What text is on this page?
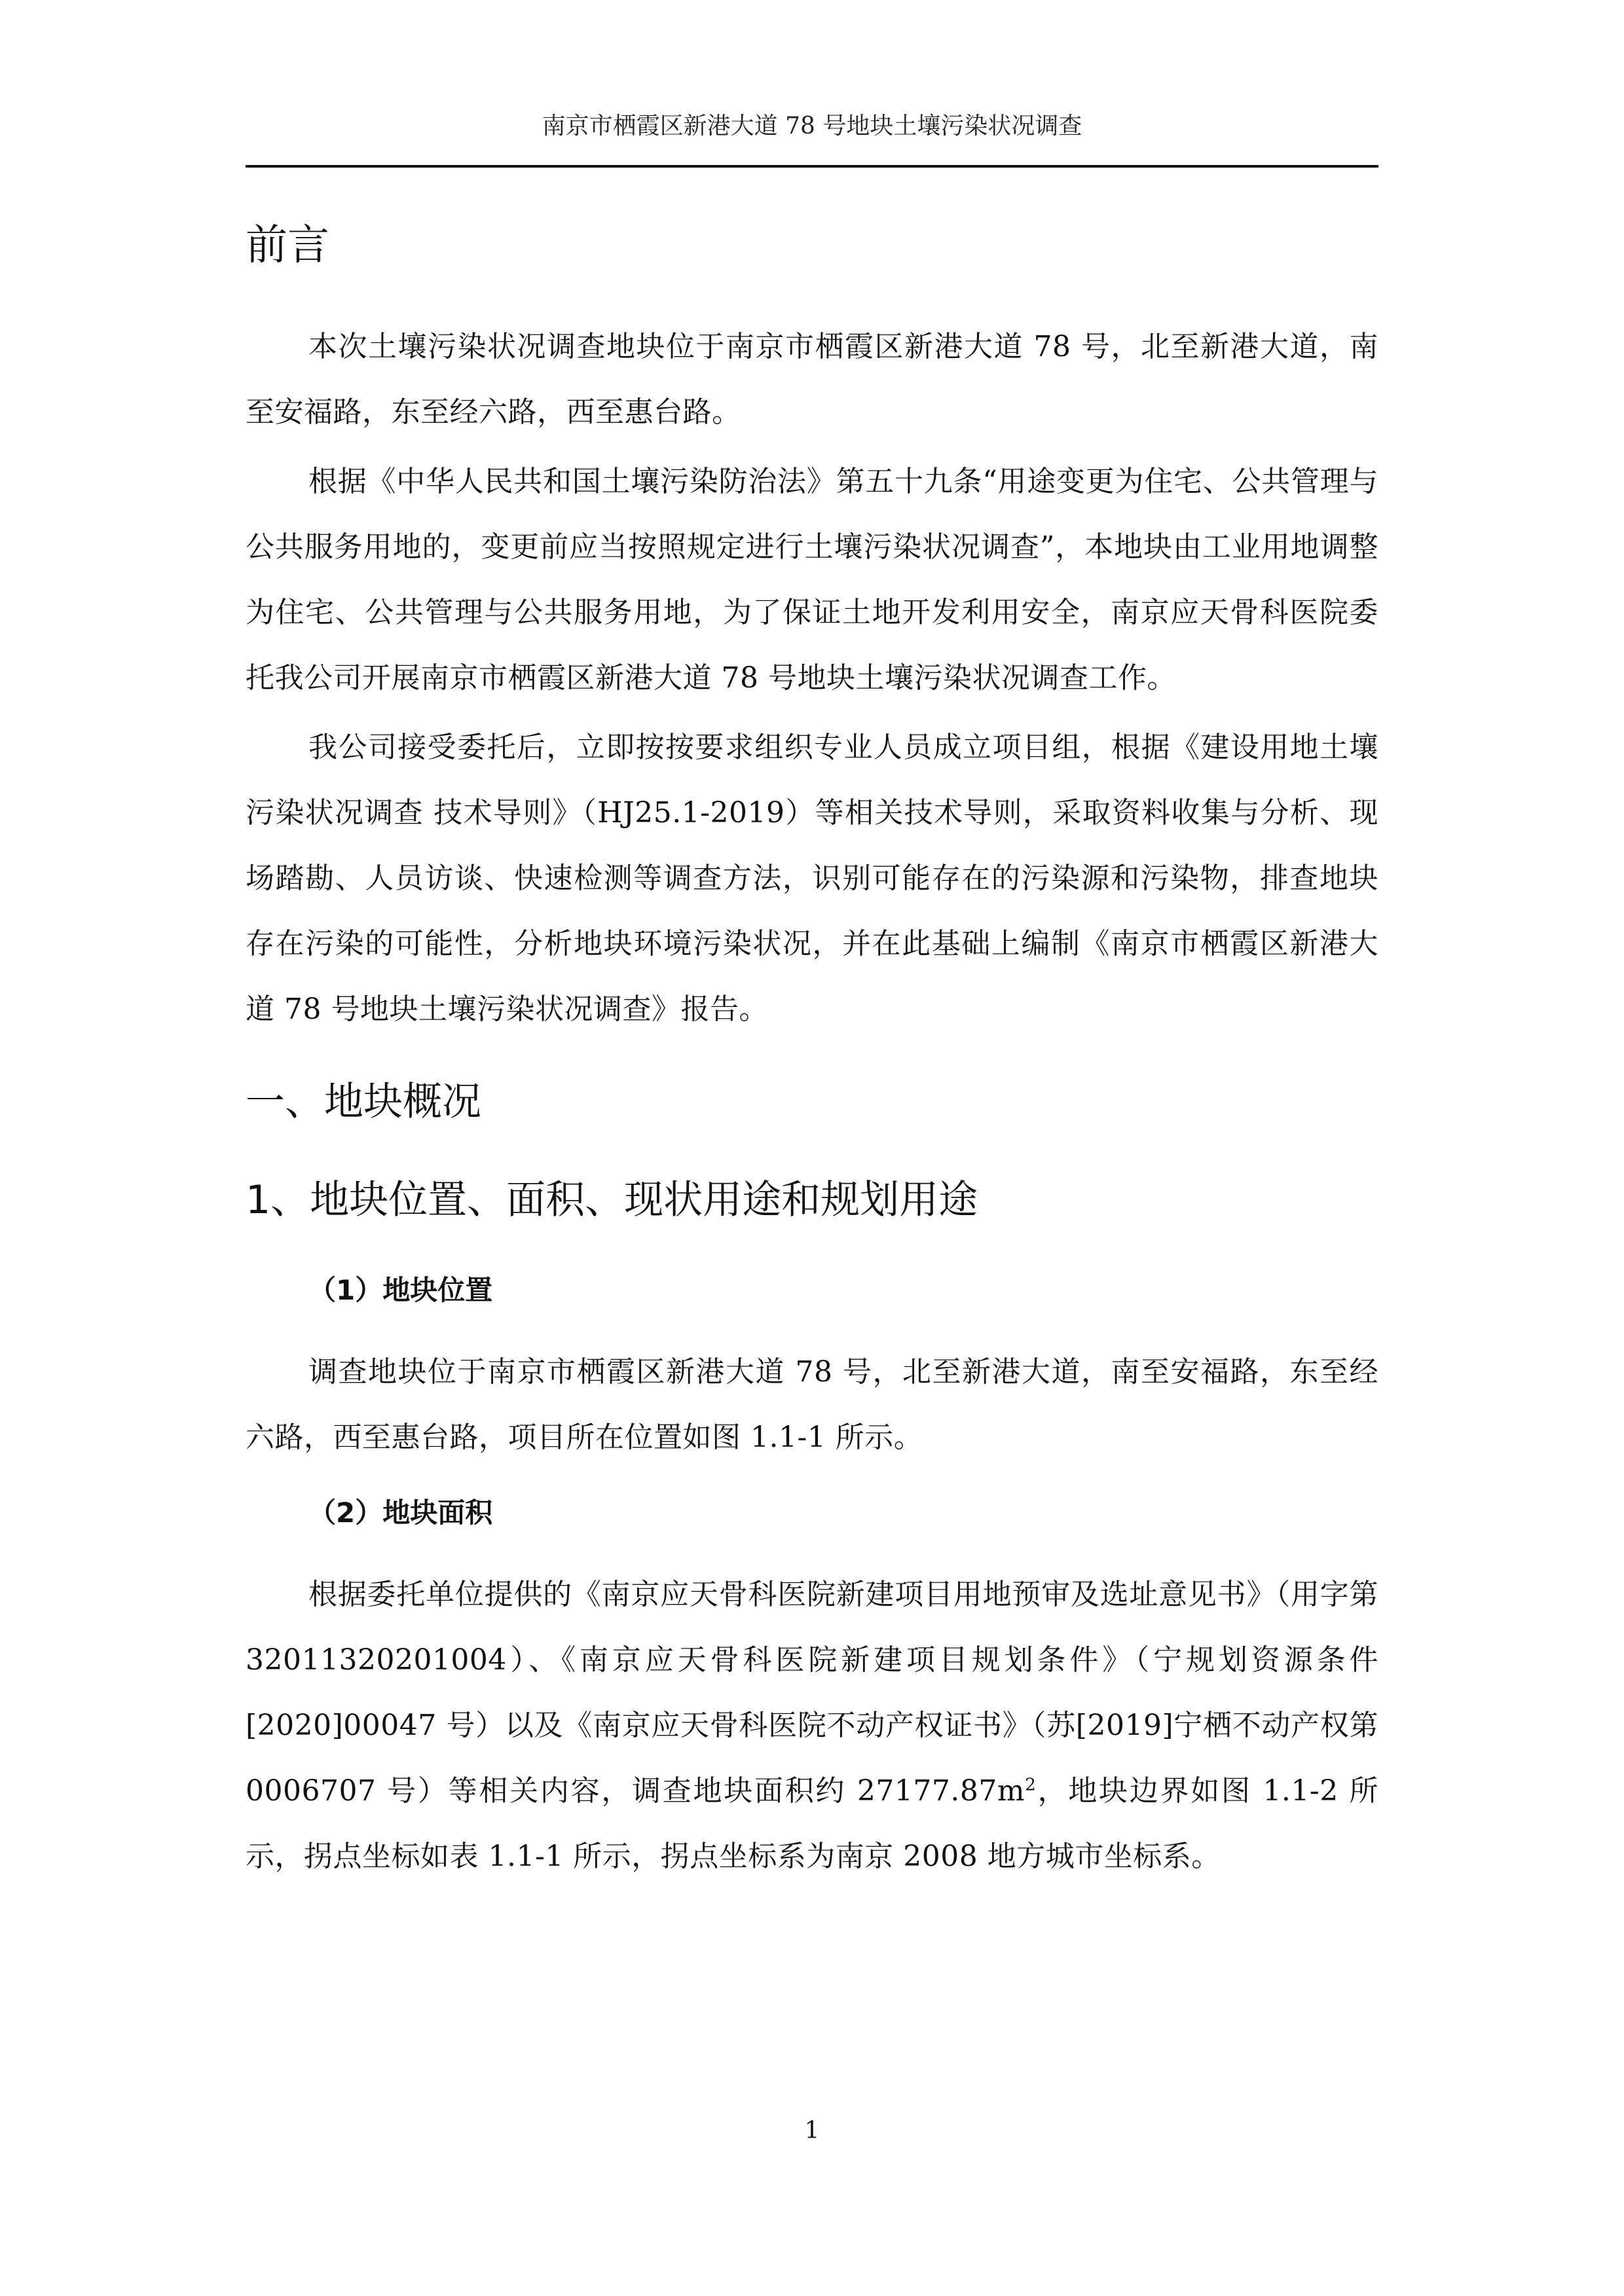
南京市栖霞区新港大道 78 号地块土壤污染状况调查
前言

本次土壤污染状况调查地块位于南京市栖霞区新港大道 78 号，北至新港大道，南至安福路，东至经六路，西至惠台路。

根据《中华人民共和国土壤污染防治法》第五十九条“用途变更为住宅、公共管理与公共服务用地的，变更前应当按照规定进行土壤污染状况调查”，本地块由工业用地调整为住宅、公共管理与公共服务用地，为了保证土地开发利用安全，南京应天骨科医院委托我公司开展南京市栖霞区新港大道 78 号地块土壤污染状况调查工作。

我公司接受委托后，立即按按要求组织专业人员成立项目组，根据《建设用地土壤污染状况调查 技术导则》（HJ25.1-2019）等相关技术导则，采取资料收集与分析、现场踏勘、人员访谈、快速检测等调查方法，识别可能存在的污染源和污染物，排查地块存在污染的可能性，分析地块环境污染状况，并在此基础上编制《南京市栖霞区新港大道 78 号地块土壤污染状况调查》报告。

一、地块概况
1、地块位置、面积、现状用途和规划用途
（1）地块位置

调查地块位于南京市栖霞区新港大道 78 号，北至新港大道，南至安福路，东至经六路，西至惠台路，项目所在位置如图 1.1-1 所示。

（2）地块面积

根据委托单位提供的《南京应天骨科医院新建项目用地预审及选址意见书》（用字第 32011320201004）、《南京应天骨科医院新建项目规划条件》（宁规划资源条件[2020]00047 号）以及《南京应天骨科医院不动产权证书》（苏[2019]宁栖不动产权第 0006707 号）等相关内容，调查地块面积约 $27177.87m^2$，地块边界如图 1.1-2 所示，拐点坐标如表 1.1-1 所示，拐点坐标系为南京 2008 地方城市坐标系。

1
